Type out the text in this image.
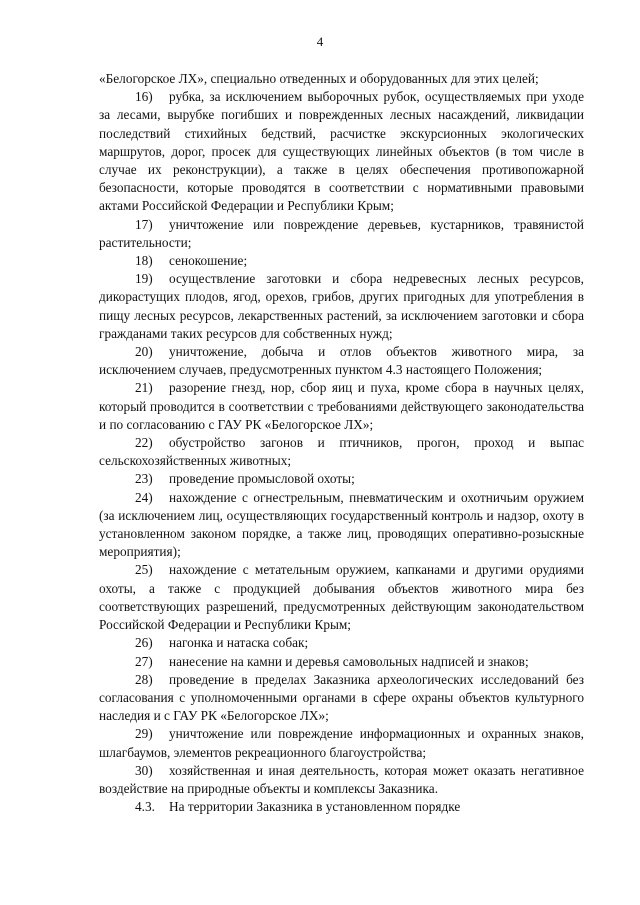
4

«Белогорское ЛХ», специально отведенных и оборудованных для этих целей;

16) рубка, за исключением выборочных рубок, осуществляемых при уходе за лесами, вырубке погибших и поврежденных лесных насаждений, ликвидации последствий стихийных бедствий, расчистке экскурсионных экологических маршрутов, дорог, просек для существующих линейных объектов (в том числе в случае их реконструкции), а также в целях обеспечения противопожарной безопасности, которые проводятся в соответствии с нормативными правовыми актами Российской Федерации и Республики Крым;

17) уничтожение или повреждение деревьев, кустарников, травянистой растительности;

18) сенокошение;

19) осуществление заготовки и сбора недревесных лесных ресурсов, дикорастущих плодов, ягод, орехов, грибов, других пригодных для употребления в пищу лесных ресурсов, лекарственных растений, за исключением заготовки и сбора гражданами таких ресурсов для собственных нужд;

20) уничтожение, добыча и отлов объектов животного мира, за исключением случаев, предусмотренных пунктом 4.3 настоящего Положения;

21) разорение гнезд, нор, сбор яиц и пуха, кроме сбора в научных целях, который проводится в соответствии с требованиями действующего законодательства и по согласованию с ГАУ РК «Белогорское ЛХ»;

22) обустройство загонов и птичников, прогон, проход и выпас сельскохозяйственных животных;

23) проведение промысловой охоты;

24) нахождение с огнестрельным, пневматическим и охотничьим оружием (за исключением лиц, осуществляющих государственный контроль и надзор, охоту в установленном законом порядке, а также лиц, проводящих оперативно-розыскные мероприятия);

25) нахождение с метательным оружием, капканами и другими орудиями охоты, а также с продукцией добывания объектов животного мира без соответствующих разрешений, предусмотренных действующим законодательством Российской Федерации и Республики Крым;

26) нагонка и натаска собак;

27) нанесение на камни и деревья самовольных надписей и знаков;

28) проведение в пределах Заказника археологических исследований без согласования с уполномоченными органами в сфере охраны объектов культурного наследия и с ГАУ РК «Белогорское ЛХ»;

29) уничтожение или повреждение информационных и охранных знаков, шлагбаумов, элементов рекреационного благоустройства;

30) хозяйственная и иная деятельность, которая может оказать негативное воздействие на природные объекты и комплексы Заказника.

4.3. На территории Заказника в установленном порядке
